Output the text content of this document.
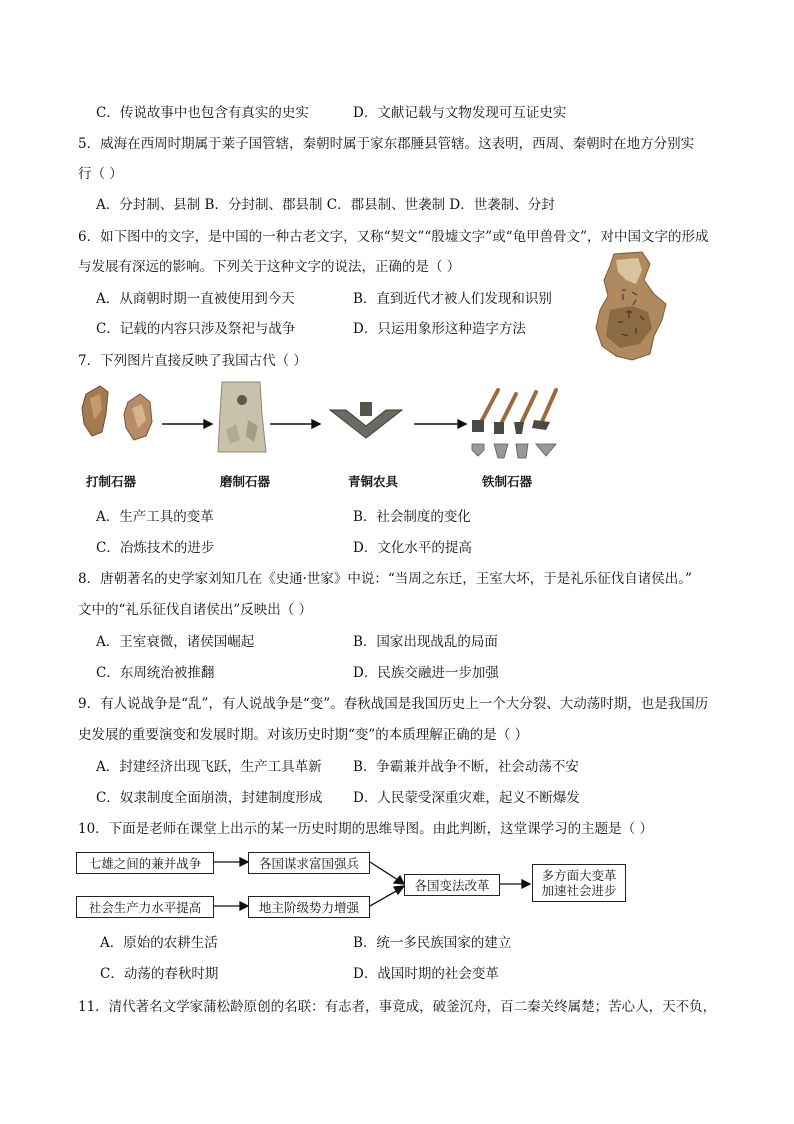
C．传说故事中也包含有真实的史实	D．文献记载与文物发现可互证史实
5．威海在西周时期属于莱子国管辖，秦朝时属于家东郡腄县管辖。这表明，西周、秦朝时在地方分别实
行（ ）
A．分封制、县制 B．分封制、郡县制 C．郡县制、世袭制 D．世袭制、分封
6．如下图中的文字，是中国的一种古老文字，又称“契文”“殷墟文字”或“龟甲兽骨文”，对中国文字的形成
与发展有深远的影响。下列关于这种文字的说法，正确的是（ ）
A．从商朝时期一直被使用到今天	B．直到近代才被人们发现和识别
C．记载的内容只涉及祭祀与战争	D．只运用象形这种造字方法
7．下列图片直接反映了我国古代（ ）
打制石器	磨制石器	青铜农具	铁制石器
A．生产工具的变革	B．社会制度的变化
C．冶炼技术的进步	D．文化水平的提高
8．唐朝著名的史学家刘知几在《史通·世家》中说：“当周之东迁，王室大坏，于是礼乐征伐自诸侯出。”
文中的“礼乐征伐自诸侯出”反映出（ ）
A．王室衰微，诸侯国崛起	B．国家出现战乱的局面
C．东周统治被推翻	D．民族交融进一步加强
9．有人说战争是“乱”，有人说战争是“变”。春秋战国是我国历史上一个大分裂、大动荡时期，也是我国历
史发展的重要演变和发展时期。对该历史时期“变”的本质理解正确的是（ ）
A．封建经济出现飞跃，生产工具革新 B．争霸兼并战争不断，社会动荡不安
C．奴隶制度全面崩溃，封建制度形成 D．人民蒙受深重灾难，起义不断爆发
10．下面是老师在课堂上出示的某一历史时期的思维导图。由此判断，这堂课学习的主题是（ ）
七雄之间的兼并战争	各国谋求富国强兵
社会生产力水平提高	地主阶级势力增强
各国变法改革
多方面大变革
加速社会进步
A．原始的农耕生活	B．统一多民族国家的建立
C．动荡的春秋时期	D．战国时期的社会变革
11．清代著名文学家蒲松龄原创的名联：有志者，事竟成，破釜沉舟，百二秦关终属楚；苦心人，天不负，
